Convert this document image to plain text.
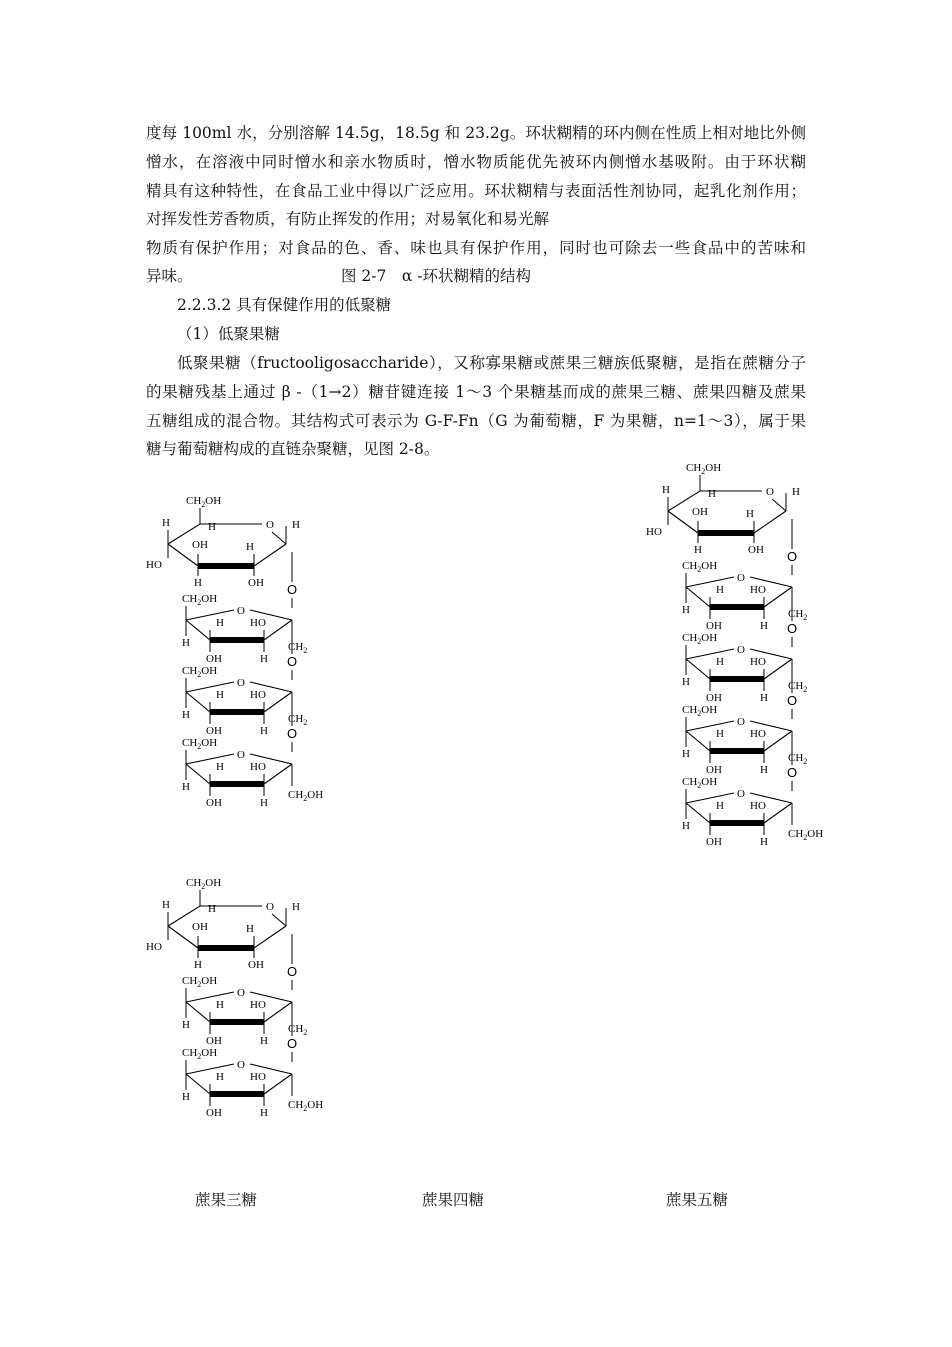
度每 100ml 水，分别溶解 14.5g，18.5g 和 23.2g。环状糊精的环内侧在性质上相对地比外侧
憎水，在溶液中同时憎水和亲水物质时，憎水物质能优先被环内侧憎水基吸附。由于环状糊
精具有这种特性，在食品工业中得以广泛应用。环状糊精与表面活性剂协同，起乳化剂作用；
对挥发性芳香物质，有防止挥发的作用；对易氧化和易光解
物质有保护作用；对食品的色、香、味也具有保护作用，同时也可除去一些食品中的苦味和
异味。	图 2-7　α -环状糊精的结构
2.2.3.2 具有保健作用的低聚糖
（1）低聚果糖
低聚果糖（fructooligosaccharide），又称寡果糖或蔗果三糖族低聚糖，是指在蔗糖分子
的果糖残基上通过 β -（1→2）糖苷键连接 1～3 个果糖基而成的蔗果三糖、蔗果四糖及蔗果
五糖组成的混合物。其结构式可表示为 G-F-Fn（G 为葡萄糖，F 为果糖，n=1～3），属于果
糖与葡萄糖构成的直链杂聚糖，见图 2-8。
$CH_2OH$
H	O H
H
HO
OH	H
H	OH O
O
$CH_2OH$
H
H HO
OH	H
$CH_2$
O
O
$CH_2OH$
H
H HO
OH	H
$CH_2$
O
O
$CH_2OH$
H
H HO
OH	H
$CH_2OH$
$CH_2OH$
H	O H
H
HO
OH	H
H	OH O
O
$CH_2OH$
H
H HO
OH	H
$CH_2$
O
O
$CH_2OH$
H
H HO
OH	H
$CH_2$
O
O
$CH_2OH$
H
H HO
OH	H
$CH_2$
O
O
$CH_2OH$
H
H HO
OH	H
$CH_2OH$
$CH_2OH$
H	O H
H
HO
OH	H
H	OH O
O
$CH_2OH$
H
H HO
OH	H
$CH_2$
O
O
$CH_2OH$
H
H HO
OH	H
$CH_2OH$
蔗果三糖	蔗果四糖	蔗果五糖
